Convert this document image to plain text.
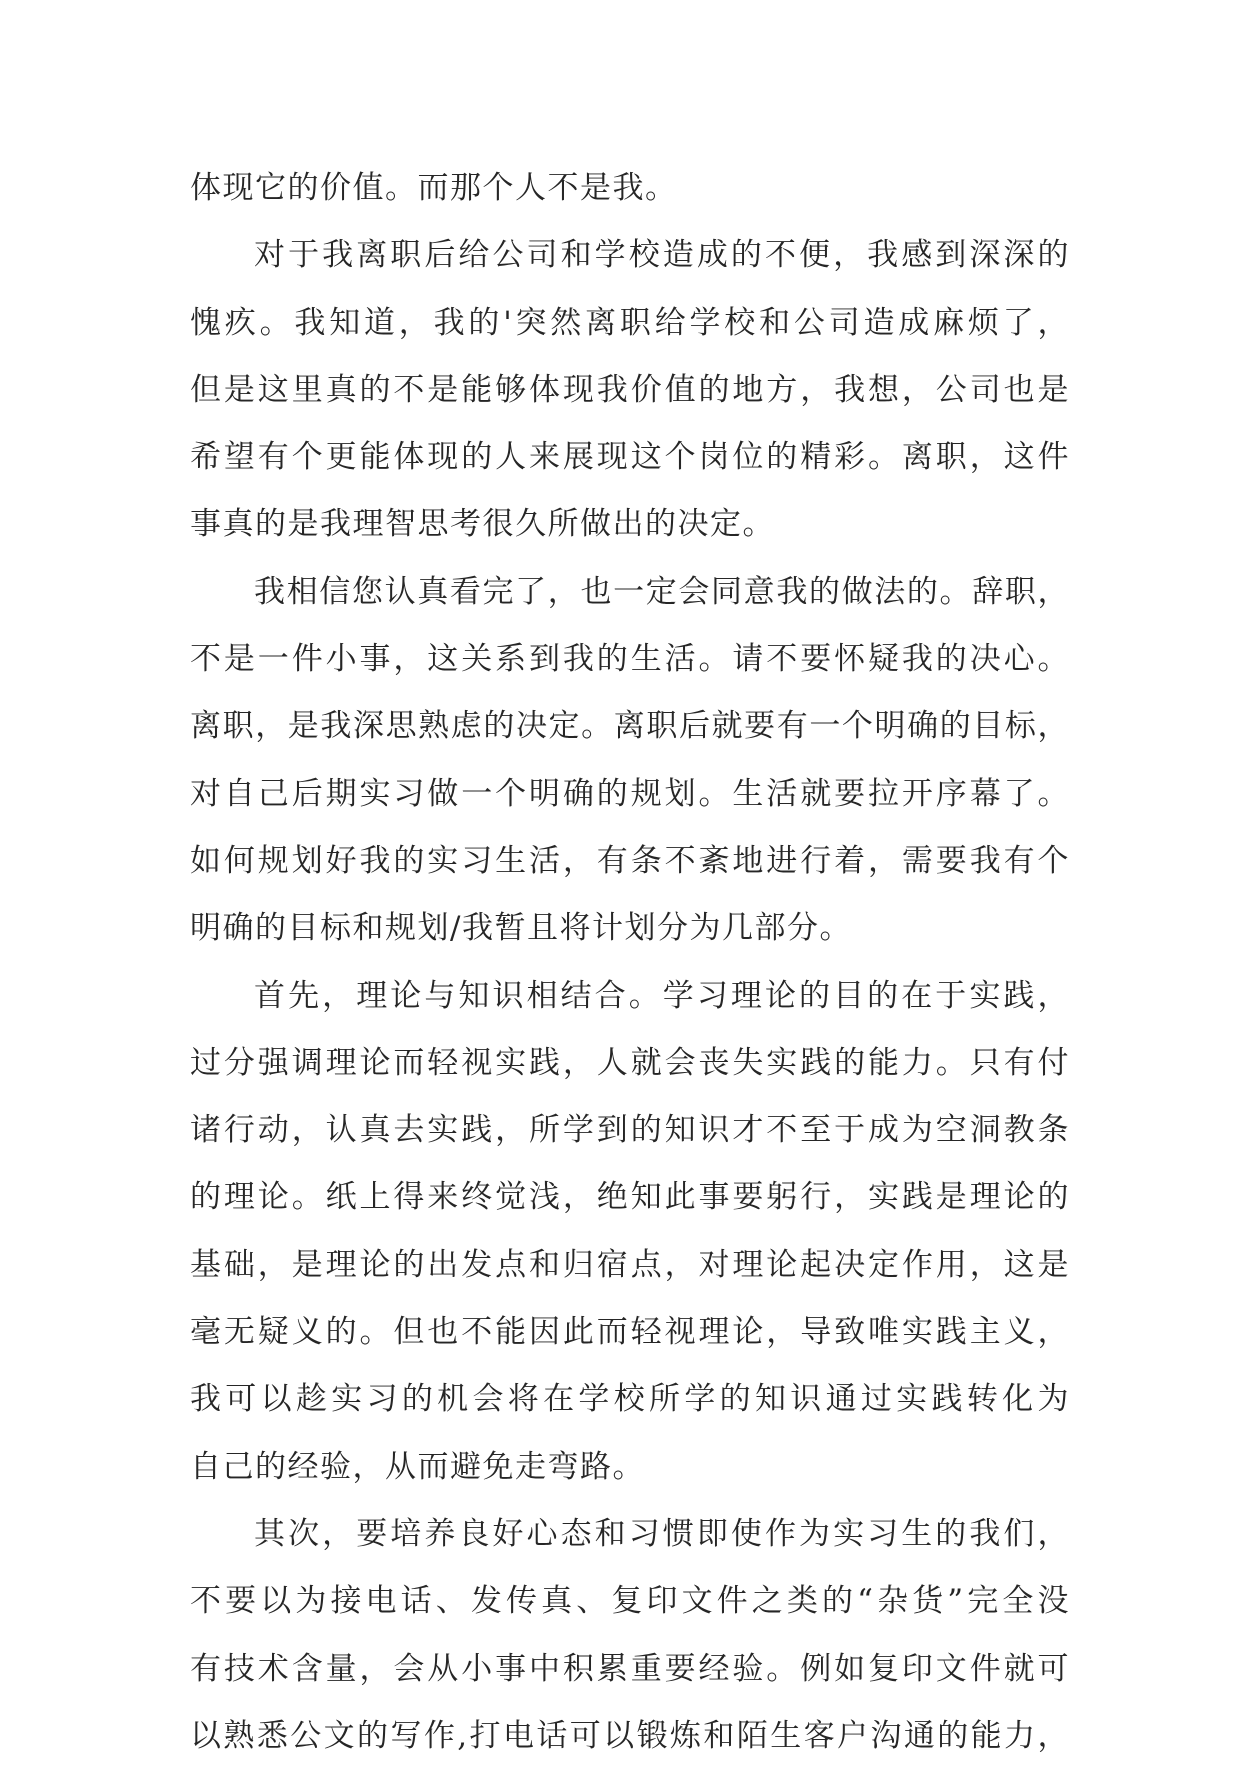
体现它的价值。而那个人不是我。
对于我离职后给公司和学校造成的不便，我感到深深的
愧疚。我知道，我的'突然离职给学校和公司造成麻烦了，
但是这里真的不是能够体现我价值的地方，我想，公司也是
希望有个更能体现的人来展现这个岗位的精彩。离职，这件
事真的是我理智思考很久所做出的决定。
我相信您认真看完了，也一定会同意我的做法的。辞职，
不是一件小事，这关系到我的生活。请不要怀疑我的决心。
离职，是我深思熟虑的决定。离职后就要有一个明确的目标，
对自己后期实习做一个明确的规划。生活就要拉开序幕了。
如何规划好我的实习生活，有条不紊地进行着，需要我有个
明确的目标和规划/我暂且将计划分为几部分。
首先，理论与知识相结合。学习理论的目的在于实践，
过分强调理论而轻视实践，人就会丧失实践的能力。只有付
诸行动，认真去实践，所学到的知识才不至于成为空洞教条
的理论。纸上得来终觉浅，绝知此事要躬行，实践是理论的
基础，是理论的出发点和归宿点，对理论起决定作用，这是
毫无疑义的。但也不能因此而轻视理论，导致唯实践主义，
我可以趁实习的机会将在学校所学的知识通过实践转化为
自己的经验，从而避免走弯路。
其次，要培养良好心态和习惯即使作为实习生的我们，
不要以为接电话、发传真、复印文件之类的“杂货”完全没
有技术含量，会从小事中积累重要经验。例如复印文件就可
以熟悉公文的写作,打电话可以锻炼和陌生客户沟通的能力，
